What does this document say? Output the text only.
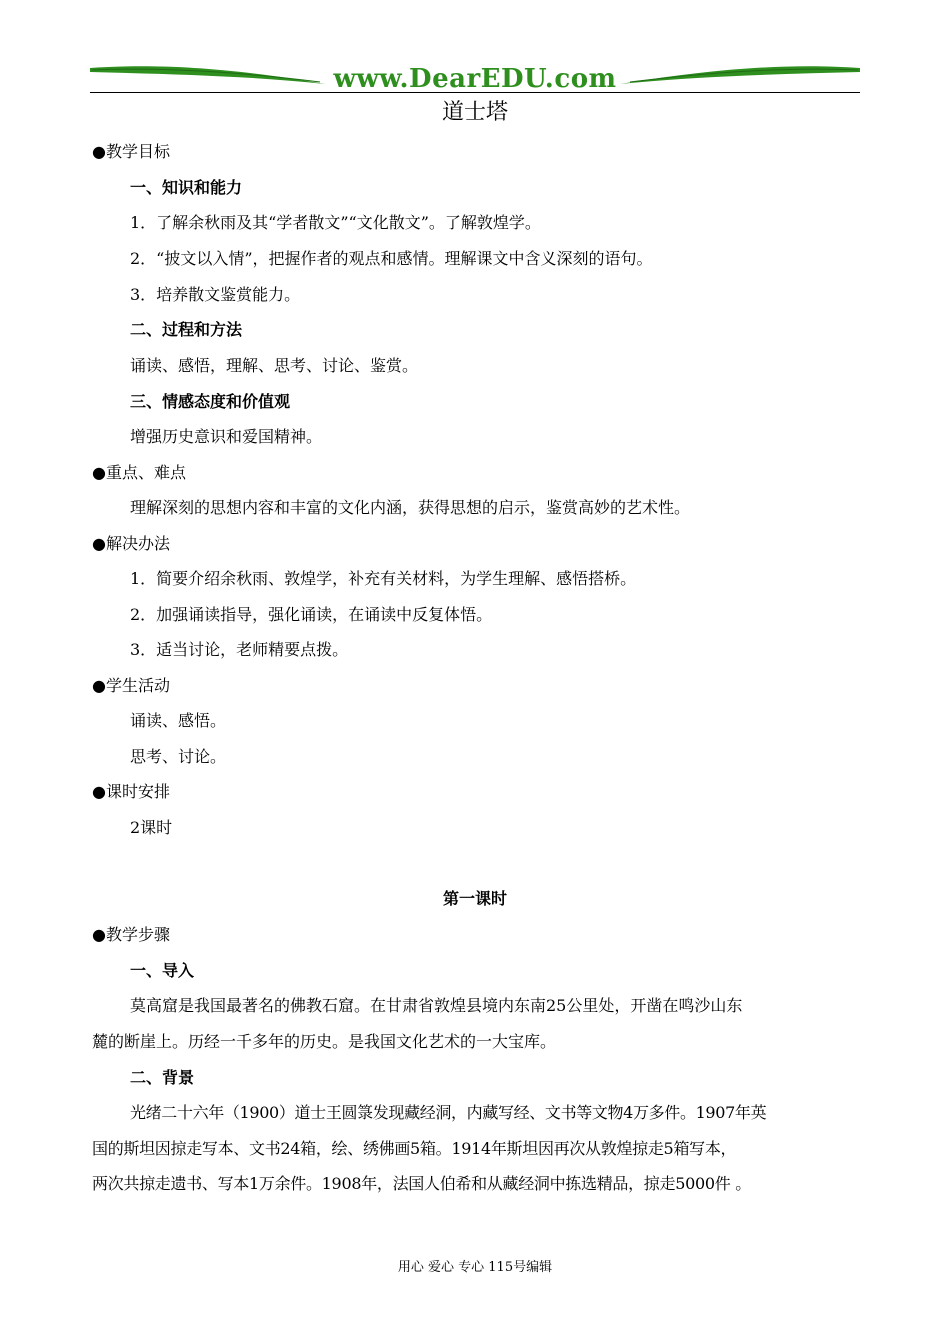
www.DearEDU.com
道士塔
●教学目标
一、知识和能力
1．了解余秋雨及其“学者散文”“文化散文”。了解敦煌学。
2．“披文以入情”，把握作者的观点和感情。理解课文中含义深刻的语句。
3．培养散文鉴赏能力。
二、过程和方法
诵读、感悟，理解、思考、讨论、鉴赏。
三、情感态度和价值观
增强历史意识和爱国精神。
●重点、难点
理解深刻的思想内容和丰富的文化内涵，获得思想的启示，鉴赏高妙的艺术性。
●解决办法
1．简要介绍余秋雨、敦煌学，补充有关材料，为学生理解、感悟搭桥。
2．加强诵读指导，强化诵读，在诵读中反复体悟。
3．适当讨论，老师精要点拨。
●学生活动
诵读、感悟。
思考、讨论。
●课时安排
2课时
第一课时
●教学步骤
一、导入
莫高窟是我国最著名的佛教石窟。在甘肃省敦煌县境内东南25公里处，开凿在鸣沙山东
麓的断崖上。历经一千多年的历史。是我国文化艺术的一大宝库。
二、背景
光绪二十六年（1900）道士王圆箓发现藏经洞，内藏写经、文书等文物4万多件。1907年英
国的斯坦因掠走写本、文书24箱，绘、绣佛画5箱。1914年斯坦因再次从敦煌掠走5箱写本，
两次共掠走遗书、写本1万余件。1908年，法国人伯希和从藏经洞中拣选精品，掠走5000件 。
用心 爱心 专心 115号编辑
